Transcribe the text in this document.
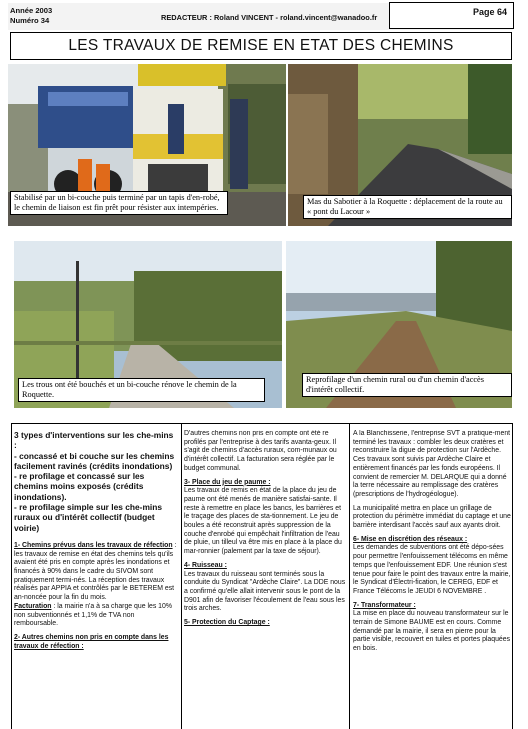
Année 2003
Numéro 34	REDACTEUR : Roland VINCENT - roland.vincent@wanadoo.fr
Page 64
LES TRAVAUX DE REMISE EN ETAT DES CHEMINS
Stabilisé par un bi-couche puis terminé par un tapis d'en-robé, le chemin de liaison est fin prêt pour résister aux intempéries.
Mas du Sabotier à la Roquette : déplacement de la route au « pont du Lacour »
Les trous ont été bouchés et un bi-couche rénove le chemin de la Roquette.
Reprofilage d'un chemin rural ou d'un chemin d'accès d'intérêt collectif.
3 types d'interventions sur les che-mins :
- concassé et bi couche sur les chemins facilement ravinés (crédits inondations)
- re profilage et concassé sur les chemins moins exposés (crédits inondations).
- re profilage simple sur les che-mins ruraux ou d'intérêt collectif (budget voirie)

1- Chemins prévus dans les travaux de réfection : les travaux de remise en état des chemins tels qu'ils avaient été pris en compte après les inondations et financés à 90% dans le cadre du SIVOM sont pratiquement termi-nés. La réception des travaux réalisés par APPIA et contrôlés par le BETEREM est an-noncée pour la fin du mois.
Facturation : la mairie n'a à sa charge que les 10% non subventionnés et 1,1% de TVA non remboursable.

2- Autres chemins non pris en compte dans les travaux de réfection :

D'autres chemins non pris en compte ont été re profilés par l'entreprise à des tarifs avanta-geux. Il s'agit de chemins d'accès ruraux, com-munaux ou d'intérêt collectif. La facturation sera réglée par le budget communal.

3- Place du jeu de paume :
Les travaux de remis en état de la place du jeu de paume ont été menés de manière satisfai-sante. Il reste à remettre en place les bancs, les barrières et le traçage des places de sta-tionnement. Le jeu de boules a été reconstruit après suppression de la couche d'enrobé qui empêchait l'infiltration de l'eau de pluie, un tilleul va être mis en place à la place du mar-ronnier (palement par la taxe de séjour).

4- Ruisseau :
Les travaux du ruisseau sont terminés sous la conduite du Syndicat "Ardèche Claire". La DDE nous a confirmé qu'elle allait intervenir sous le pont de la D901 afin de favoriser l'écoulement de l'eau sous les trois arches.

5- Protection du Captage :

A la Blanchisserie, l'entreprise SVT a pratique-ment terminé les travaux : combler les deux cratères et reconstruire la digue de protection sur l'Ardèche. Ces travaux sont suivis par Ardèche Claire et entièrement financés par les fonds européens. Il convient de remercier M. DELARQUE qui a donné la terre nécessaire au remplissage des cratères (prescriptions de l'hydrogéologue).

La municipalité mettra en place un grillage de protection du périmètre immédiat du captage et une barrière interdisant l'accès sauf aux ayants droit.

6- Mise en discrétion des réseaux :
Les demandes de subventions ont été dépo-sées pour permettre l'enfouissement télécoms en même temps que l'enfouissement EDF. Une réunion s'est tenue pour faire le point des travaux entre la mairie, le Syndicat d'Électri-fication, le CEREG, EDF et France Télécoms le JEUDI 6 NOVEMBRE .

7- Transformateur :
La mise en place du nouveau transformateur sur le terrain de Simone BAUME est en cours. Comme demandé par la mairie, il sera en pierre pour la partie visible, recouvert en tuiles et portes plaquées en bois.
